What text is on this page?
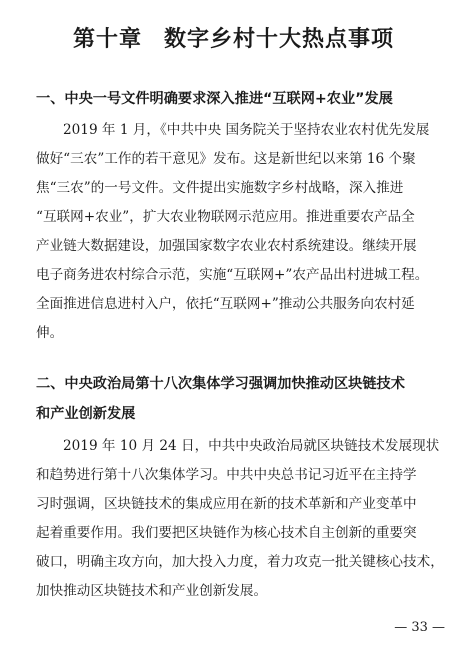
第十章 数字乡村十大热点事项
一、中央一号文件明确要求深入推进“互联网+农业”发展
2019 年 1 月，《中共中央 国务院关于坚持农业农村优先发展
做好“三农”工作的若干意见》发布。这是新世纪以来第 16 个聚
焦“三农”的一号文件。文件提出实施数字乡村战略，深入推进
“互联网+农业”，扩大农业物联网示范应用。推进重要农产品全
产业链大数据建设，加强国家数字农业农村系统建设。继续开展
电子商务进农村综合示范，实施“互联网+”农产品出村进城工程。
全面推进信息进村入户，依托“互联网+”推动公共服务向农村延
伸。
二、中央政治局第十八次集体学习强调加快推动区块链技术
和产业创新发展
2019 年 10 月 24 日，中共中央政治局就区块链技术发展现状
和趋势进行第十八次集体学习。中共中央总书记习近平在主持学
习时强调，区块链技术的集成应用在新的技术革新和产业变革中
起着重要作用。我们要把区块链作为核心技术自主创新的重要突
破口，明确主攻方向，加大投入力度，着力攻克一批关键核心技术，
加快推动区块链技术和产业创新发展。
— 33 —
